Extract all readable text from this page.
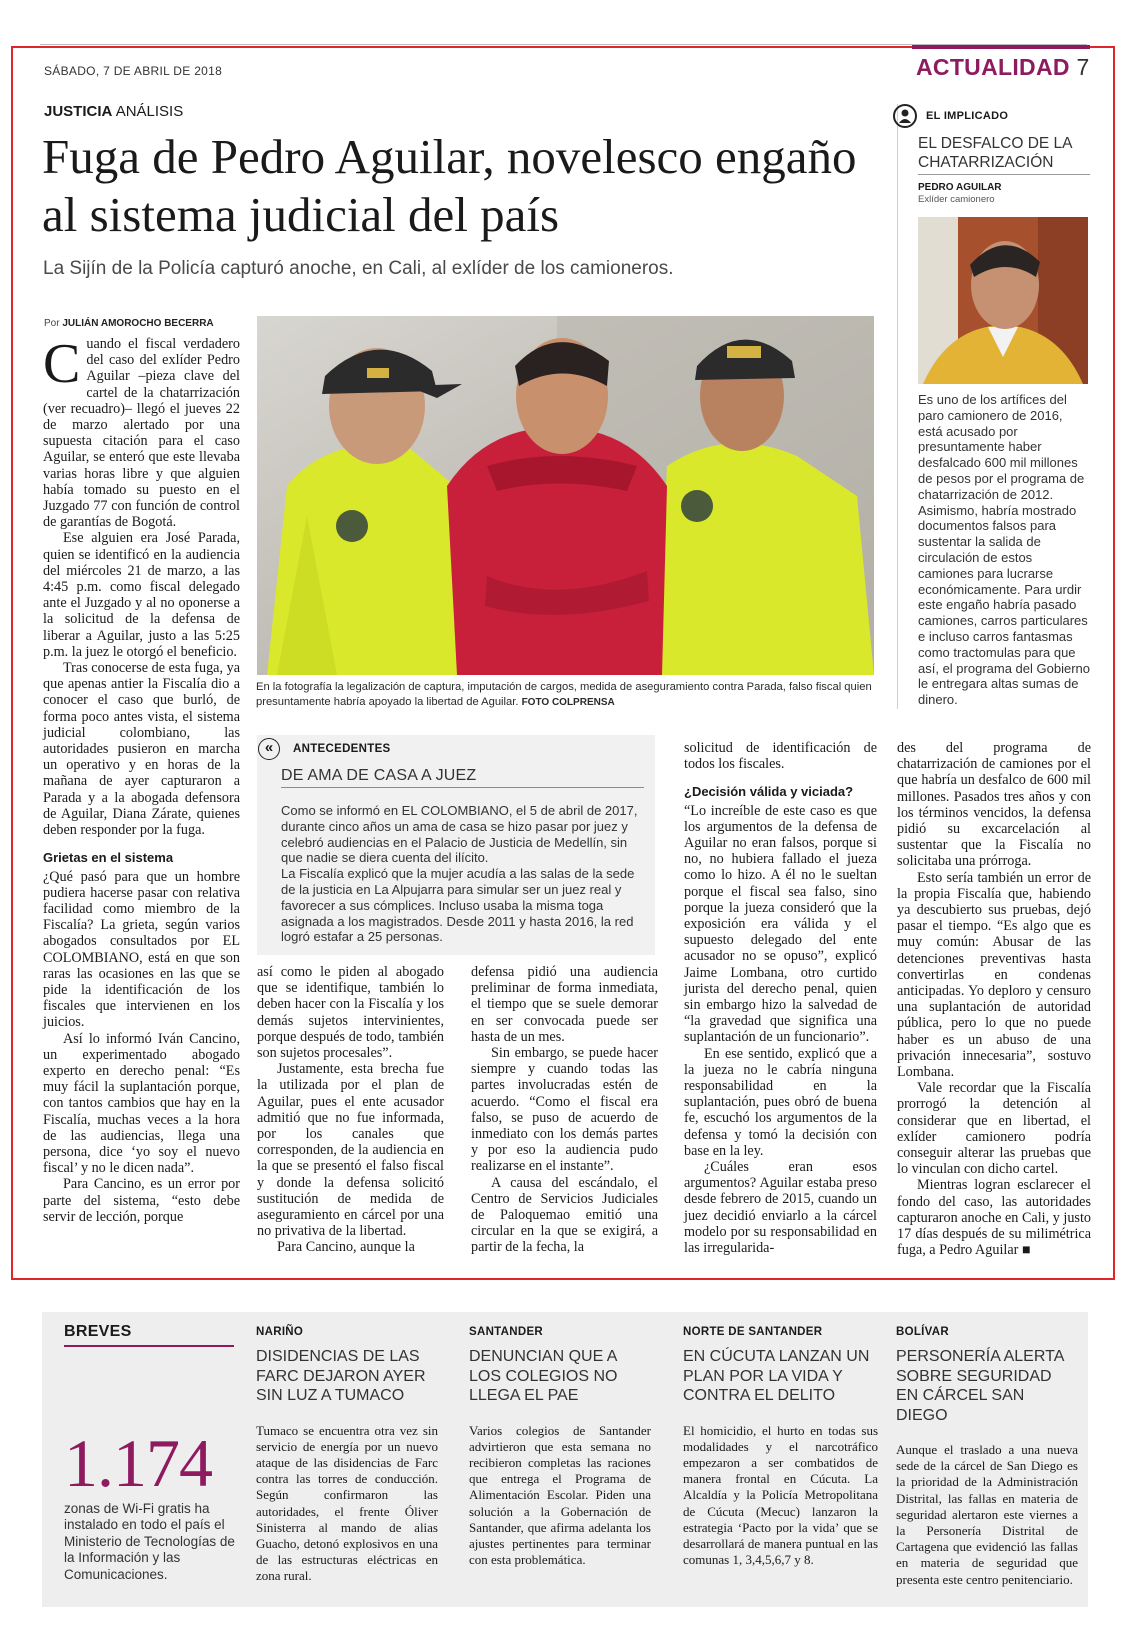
SÁBADO, 7 DE ABRIL DE 2018	ACTUALIDAD 7
JUSTICIA ANÁLISIS
Fuga de Pedro Aguilar, novelesco engaño al sistema judicial del país
La Sijín de la Policía capturó anoche, en Cali, al exlíder de los camioneros.
Por JULIÁN AMOROCHO BECERRA

Cuando el fiscal verdadero del caso del exlíder Pedro Aguilar –pieza clave del cartel de la chatarrización (ver recuadro)– llegó el jueves 22 de marzo alertado por una supuesta citación para el caso Aguilar, se enteró que este llevaba varias horas libre y que alguien había tomado su puesto en el Juzgado 77 con función de control de garantías de Bogotá.

Ese alguien era José Parada, quien se identificó en la audiencia del miércoles 21 de marzo, a las 4:45 p.m. como fiscal delegado ante el Juzgado y al no oponerse a la solicitud de la defensa de liberar a Aguilar, justo a las 5:25 p.m. la juez le otorgó el beneficio.

Tras conocerse de esta fuga, ya que apenas antier la Fiscalía dio a conocer el caso que burló, de forma poco antes vista, el sistema judicial colombiano, las autoridades pusieron en marcha un operativo y en horas de la mañana de ayer capturaron a Parada y a la abogada defensora de Aguilar, Diana Zárate, quienes deben responder por la fuga.

Grietas en el sistema

¿Qué pasó para que un hombre pudiera hacerse pasar con relativa facilidad como miembro de la Fiscalía? La grieta, según varios abogados consultados por EL COLOMBIANO, está en que son raras las ocasiones en las que se pide la identificación de los fiscales que intervienen en los juicios.

Así lo informó Iván Cancino, un experimentado abogado experto en derecho penal: “Es muy fácil la suplantación porque, con tantos cambios que hay en la Fiscalía, muchas veces a la hora de las audiencias, llega una persona, dice ‘yo soy el nuevo fiscal’ y no le dicen nada”.

Para Cancino, es un error por parte del sistema, “esto debe servir de lección, porque

En la fotografía la legalización de captura, imputación de cargos, medida de aseguramiento contra Parada, falso fiscal quien presuntamente habría apoyado la libertad de Aguilar. FOTO COLPRENSA
EL IMPLICADO
EL DESFALCO DE LA CHATARRIZACIÓN
PEDRO AGUILAR
Exlíder camionero
Es uno de los artífices del paro camionero de 2016, está acusado por presuntamente haber desfalcado 600 mil millones de pesos por el programa de chatarrización de 2012. Asimismo, habría mostrado documentos falsos para sustentar la salida de circulación de estos camiones para lucrarse económicamente. Para urdir este engaño habría pasado camiones, carros particulares e incluso carros fantasmas como tractomulas para que así, el programa del Gobierno le entregara altas sumas de dinero.
«	ANTECEDENTES
DE AMA DE CASA A JUEZ
Como se informó en EL COLOMBIANO, el 5 de abril de 2017, durante cinco años un ama de casa se hizo pasar por juez y celebró audiencias en el Palacio de Justicia de Medellín, sin que nadie se diera cuenta del ilícito.
La Fiscalía explicó que la mujer acudía a las salas de la sede de la justicia en La Alpujarra para simular ser un juez real y favorecer a sus cómplices. Incluso usaba la misma toga asignada a los magistrados. Desde 2011 y hasta 2016, la red logró estafar a 25 personas.

así como le piden al abogado que se identifique, también lo deben hacer con la Fiscalía y los demás sujetos intervinientes, porque después de todo, también son sujetos procesales”.

Justamente, esta brecha fue la utilizada por el plan de Aguilar, pues el ente acusador admitió que no fue informada, por los canales que corresponden, de la audiencia en la que se presentó el falso fiscal y donde la defensa solicitó sustitución de medida de aseguramiento en cárcel por una no privativa de la libertad.

Para Cancino, aunque la

defensa pidió una audiencia preliminar de forma inmediata, el tiempo que se suele demorar en ser convocada puede ser hasta de un mes.

Sin embargo, se puede hacer siempre y cuando todas las partes involucradas estén de acuerdo. “Como el fiscal era falso, se puso de acuerdo de inmediato con los demás partes y por eso la audiencia pudo realizarse en el instante”.

A causa del escándalo, el Centro de Servicios Judiciales de Paloquemao emitió una circular en la que se exigirá, a partir de la fecha, la

solicitud de identificación de todos los fiscales.

¿Decisión válida y viciada?

“Lo increíble de este caso es que los argumentos de la defensa de Aguilar no eran falsos, porque si no, no hubiera fallado el jueza como lo hizo. A él no le sueltan porque el fiscal sea falso, sino porque la jueza consideró que la exposición era válida y el supuesto delegado del ente acusador no se opuso”, explicó Jaime Lombana, otro curtido jurista del derecho penal, quien sin embargo hizo la salvedad de “la gravedad que significa una suplantación de un funcionario”.

En ese sentido, explicó que a la jueza no le cabría ninguna responsabilidad en la suplantación, pues obró de buena fe, escuchó los argumentos de la defensa y tomó la decisión con base en la ley.

¿Cuáles eran esos argumentos? Aguilar estaba preso desde febrero de 2015, cuando un juez decidió enviarlo a la cárcel modelo por su responsabilidad en las irregularida-

des del programa de chatarrización de camiones por el que habría un desfalco de 600 mil millones. Pasados tres años y con los términos vencidos, la defensa pidió su excarcelación al sustentar que la Fiscalía no solicitaba una prórroga.

Esto sería también un error de la propia Fiscalía que, habiendo ya descubierto sus pruebas, dejó pasar el tiempo. “Es algo que es muy común: Abusar de las detenciones preventivas hasta convertirlas en condenas anticipadas. Yo deploro y censuro una suplantación de autoridad pública, pero lo que no puede haber es un abuso de una privación innecesaria”, sostuvo Lombana.

Vale recordar que la Fiscalía prorrogó la detención al considerar que en libertad, el exlíder camionero podría conseguir alterar las pruebas que lo vinculan con dicho cartel.

Mientras logran esclarecer el fondo del caso, las autoridades capturaron anoche en Cali, y justo 17 días después de su milimétrica fuga, a Pedro Aguilar ■

BREVES
1.174
zonas de Wi-Fi gratis ha instalado en todo el país el Ministerio de Tecnologías de la Información y las Comunicaciones.
NARIÑO
DISIDENCIAS DE LAS FARC DEJARON AYER SIN LUZ A TUMACO
Tumaco se encuentra otra vez sin servicio de energía por un nuevo ataque de las disidencias de Farc contra las torres de conducción. Según confirmaron las autoridades, el frente Óliver Sinisterra al mando de alias Guacho, detonó explosivos en una de las estructuras eléctricas en zona rural.
SANTANDER
DENUNCIAN QUE A LOS COLEGIOS NO LLEGA EL PAE
Varios colegios de Santander advirtieron que esta semana no recibieron completas las raciones que entrega el Programa de Alimentación Escolar. Piden una solución a la Gobernación de Santander, que afirma adelanta los ajustes pertinentes para terminar con esta problemática.
NORTE DE SANTANDER
EN CÚCUTA LANZAN UN PLAN POR LA VIDA Y CONTRA EL DELITO
El homicidio, el hurto en todas sus modalidades y el narcotráfico empezaron a ser combatidos de manera frontal en Cúcuta. La Alcaldía y la Policía Metropolitana de Cúcuta (Mecuc) lanzaron la estrategia ‘Pacto por la vida’ que se desarrollará de manera puntual en las comunas 1, 3,4,5,6,7 y 8.
BOLÍVAR
PERSONERÍA ALERTA SOBRE SEGURIDAD EN CÁRCEL SAN DIEGO
Aunque el traslado a una nueva sede de la cárcel de San Diego es la prioridad de la Administración Distrital, las fallas en materia de seguridad alertaron este viernes a la Personería Distrital de Cartagena que evidenció las fallas en materia de seguridad que presenta este centro penitenciario.
